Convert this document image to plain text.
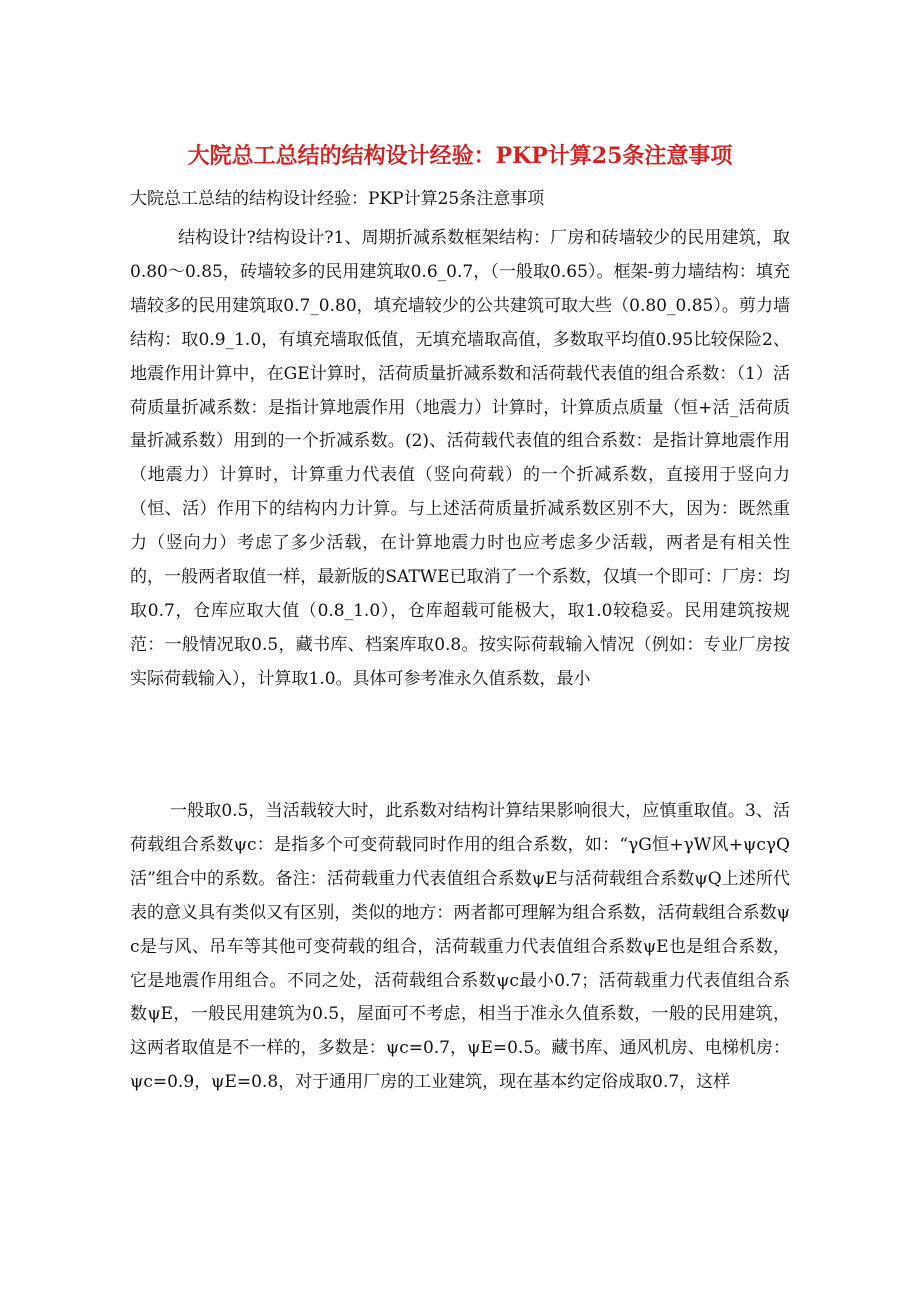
大院总工总结的结构设计经验：PKP计算25条注意事项
大院总工总结的结构设计经验：PKP计算25条注意事项
结构设计?结构设计?1、周期折减系数框架结构：厂房和砖墙较少的民用建筑，取0.80～0.85，砖墙较多的民用建筑取0.6_0.7，（一般取0.65）。框架-剪力墙结构：填充墙较多的民用建筑取0.7_0.80，填充墙较少的公共建筑可取大些（0.80_0.85）。剪力墙结构：取0.9_1.0，有填充墙取低值，无填充墙取高值，多数取平均值0.95比较保险2、地震作用计算中，在GE计算时，活荷质量折减系数和活荷载代表值的组合系数：（1）活荷质量折减系数：是指计算地震作用（地震力）计算时，计算质点质量（恒+活_活荷质量折减系数）用到的一个折减系数。(2)、活荷载代表值的组合系数：是指计算地震作用（地震力）计算时，计算重力代表值（竖向荷载）的一个折减系数，直接用于竖向力（恒、活）作用下的结构内力计算。与上述活荷质量折减系数区别不大，因为：既然重力（竖向力）考虑了多少活载，在计算地震力时也应考虑多少活载，两者是有相关性的，一般两者取值一样，最新版的SATWE已取消了一个系数，仅填一个即可：厂房：均取0.7，仓库应取大值（0.8_1.0），仓库超载可能极大，取1.0较稳妥。民用建筑按规范：一般情况取0.5，藏书库、档案库取0.8。按实际荷载输入情况（例如：专业厂房按实际荷载输入），计算取1.0。具体可参考准永久值系数，最小
一般取0.5，当活载较大时，此系数对结构计算结果影响很大，应慎重取值。3、活荷载组合系数ψc：是指多个可变荷载同时作用的组合系数，如：“γG恒+γW风+ψcγQ活”组合中的系数。备注：活荷载重力代表值组合系数ψE与活荷载组合系数ψQ上述所代表的意义具有类似又有区别，类似的地方：两者都可理解为组合系数，活荷载组合系数ψc是与风、吊车等其他可变荷载的组合，活荷载重力代表值组合系数ψE也是组合系数，它是地震作用组合。不同之处，活荷载组合系数ψc最小0.7；活荷载重力代表值组合系数ψE，一般民用建筑为0.5，屋面可不考虑，相当于准永久值系数，一般的民用建筑，这两者取值是不一样的，多数是：ψc=0.7，ψE=0.5。藏书库、通风机房、电梯机房：ψc=0.9，ψE=0.8，对于通用厂房的工业建筑，现在基本约定俗成取0.7，这样
